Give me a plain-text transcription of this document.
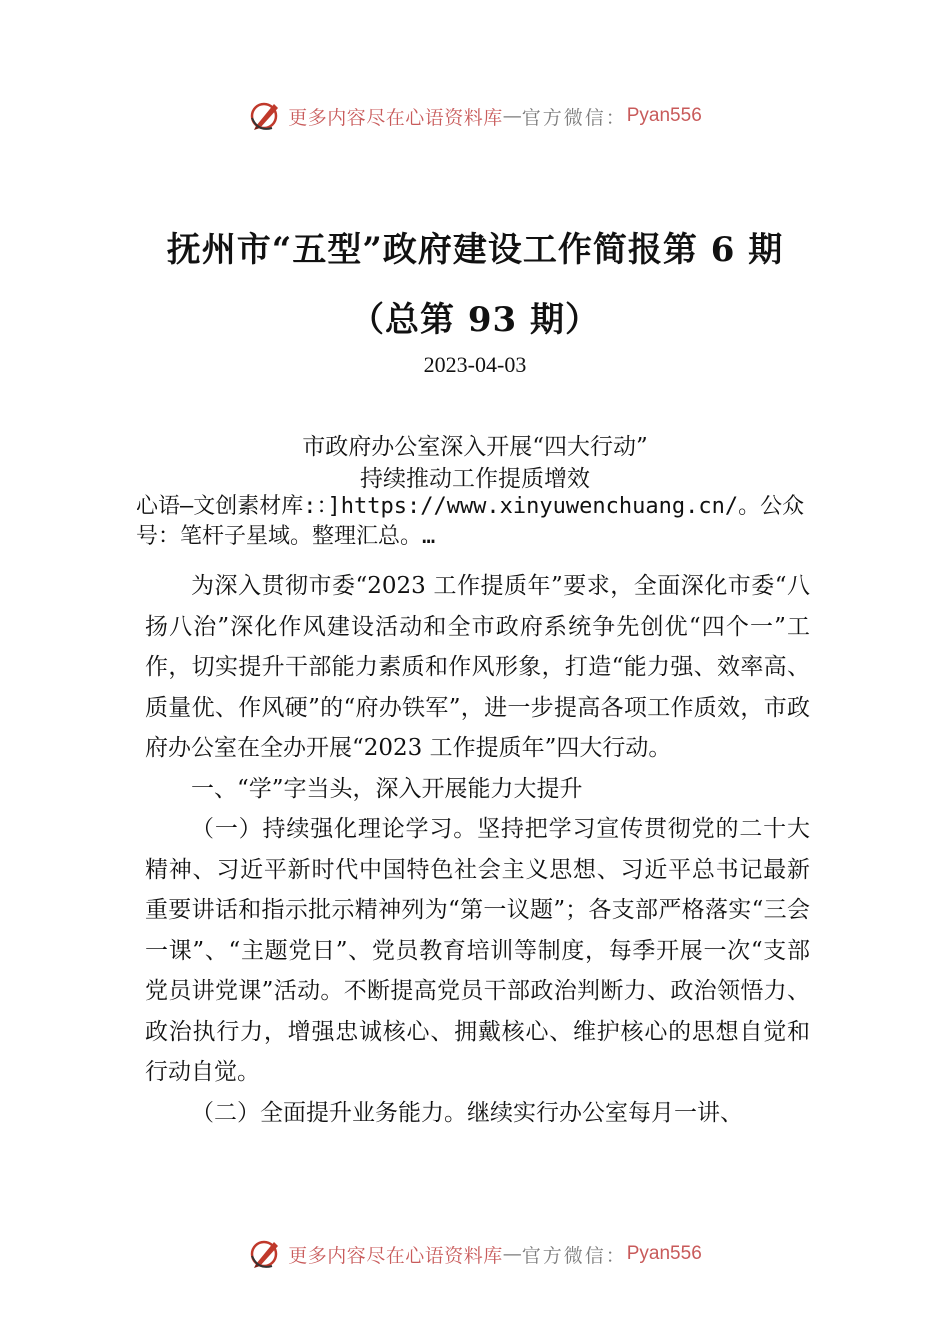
更多内容尽在心语资料库 — 官方微信： Pyan556
抚州市“五型”政府建设工作简报第 6 期
（总第 93 期）
2023-04-03
市政府办公室深入开展“四大行动”
持续推动工作提质增效
心语—文创素材库:：]https://www.xinyuwenchuang.cn/。公众号：笔杆子星域。整理汇总。…

为深入贯彻市委“2023 工作提质年”要求，全面深化市委“八扬八治”深化作风建设活动和全市政府系统争先创优“四个一”工作，切实提升干部能力素质和作风形象，打造“能力强、效率高、质量优、作风硬”的“府办铁军”，进一步提高各项工作质效，市政府办公室在全办开展“2023 工作提质年”四大行动。

一、“学”字当头，深入开展能力大提升

（一）持续强化理论学习。坚持把学习宣传贯彻党的二十大精神、习近平新时代中国特色社会主义思想、习近平总书记最新重要讲话和指示批示精神列为“第一议题”；各支部严格落实“三会一课”、“主题党日”、党员教育培训等制度，每季开展一次“支部党员讲党课”活动。不断提高党员干部政治判断力、政治领悟力、政治执行力，增强忠诚核心、拥戴核心、维护核心的思想自觉和行动自觉。

（二）全面提升业务能力。继续实行办公室每月一讲、

更多内容尽在心语资料库 — 官方微信： Pyan556
